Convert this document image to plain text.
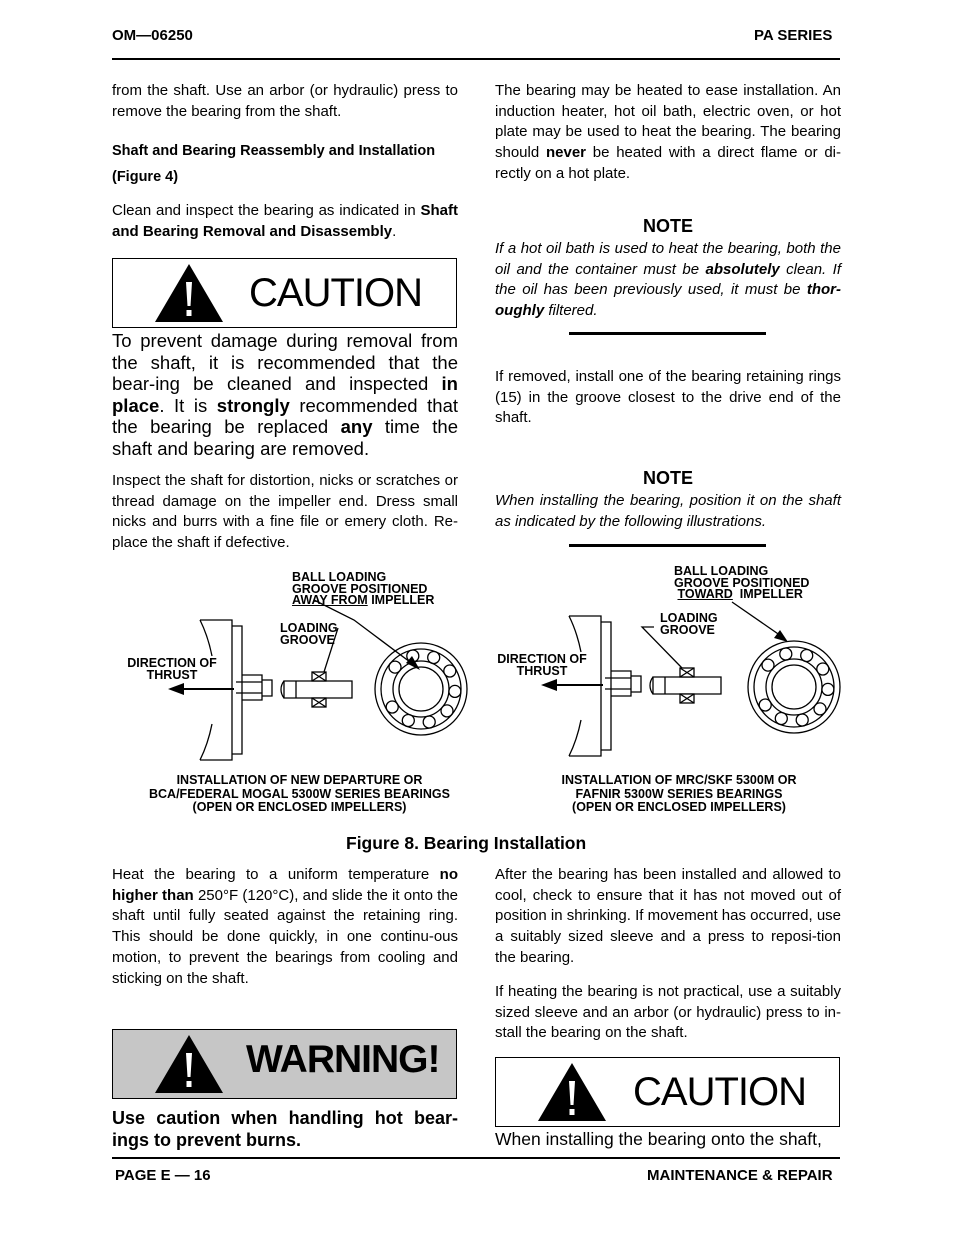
OM—06250	PA SERIES
from the shaft. Use an arbor (or hydraulic) press to remove the bearing from the shaft.
Shaft and Bearing Reassembly and Installation
(Figure 4)
Clean and inspect the bearing as indicated in Shaft and Bearing Removal and Disassembly.
CAUTION
To prevent damage during removal from the shaft, it is recommended that the bear-ing be cleaned and inspected in place. It is strongly recommended that the bearing be replaced any time the shaft and bearing are removed.
Inspect the shaft for distortion, nicks or scratches or thread damage on the impeller end. Dress small nicks and burrs with a fine file or emery cloth. Re-place the shaft if defective.
The bearing may be heated to ease installation. An induction heater, hot oil bath, electric oven, or hot plate may be used to heat the bearing. The bearing should never be heated with a direct flame or di-rectly on a hot plate.
NOTE
If a hot oil bath is used to heat the bearing, both the oil and the container must be absolutely clean. If the oil has been previously used, it must be thor-oughly filtered.
If removed, install one of the bearing retaining rings (15) in the groove closest to the drive end of the shaft.
NOTE
When installing the bearing, position it on the shaft as indicated by the following illustrations.
BALL LOADING
GROOVE POSITIONED
AWAY FROM IMPELLER
LOADING
GROOVE
DIRECTION OF
THRUST
INSTALLATION OF NEW DEPARTURE OR
BCA/FEDERAL MOGAL 5300W SERIES BEARINGS
(OPEN OR ENCLOSED IMPELLERS)
BALL LOADING
GROOVE POSITIONED
TOWARD  IMPELLER
LOADING
GROOVE
DIRECTION OF
THRUST
INSTALLATION OF MRC/SKF 5300M OR
FAFNIR 5300W SERIES BEARINGS
(OPEN OR ENCLOSED IMPELLERS)
Figure 8. Bearing Installation
Heat the bearing to a uniform temperature no higher than 250°F (120°C), and slide the it onto the shaft until fully seated against the retaining ring. This should be done quickly, in one continu-ous motion, to prevent the bearings from cooling and sticking on the shaft.
WARNING!
Use caution when handling hot bear-ings to prevent burns.
After the bearing has been installed and allowed to cool, check to ensure that it has not moved out of position in shrinking. If movement has occurred, use a suitably sized sleeve and a press to reposi-tion the bearing.
If heating the bearing is not practical, use a suitably sized sleeve and an arbor (or hydraulic) press to in-stall the bearing on the shaft.
CAUTION
When installing the bearing onto the shaft,
PAGE E — 16	MAINTENANCE & REPAIR
